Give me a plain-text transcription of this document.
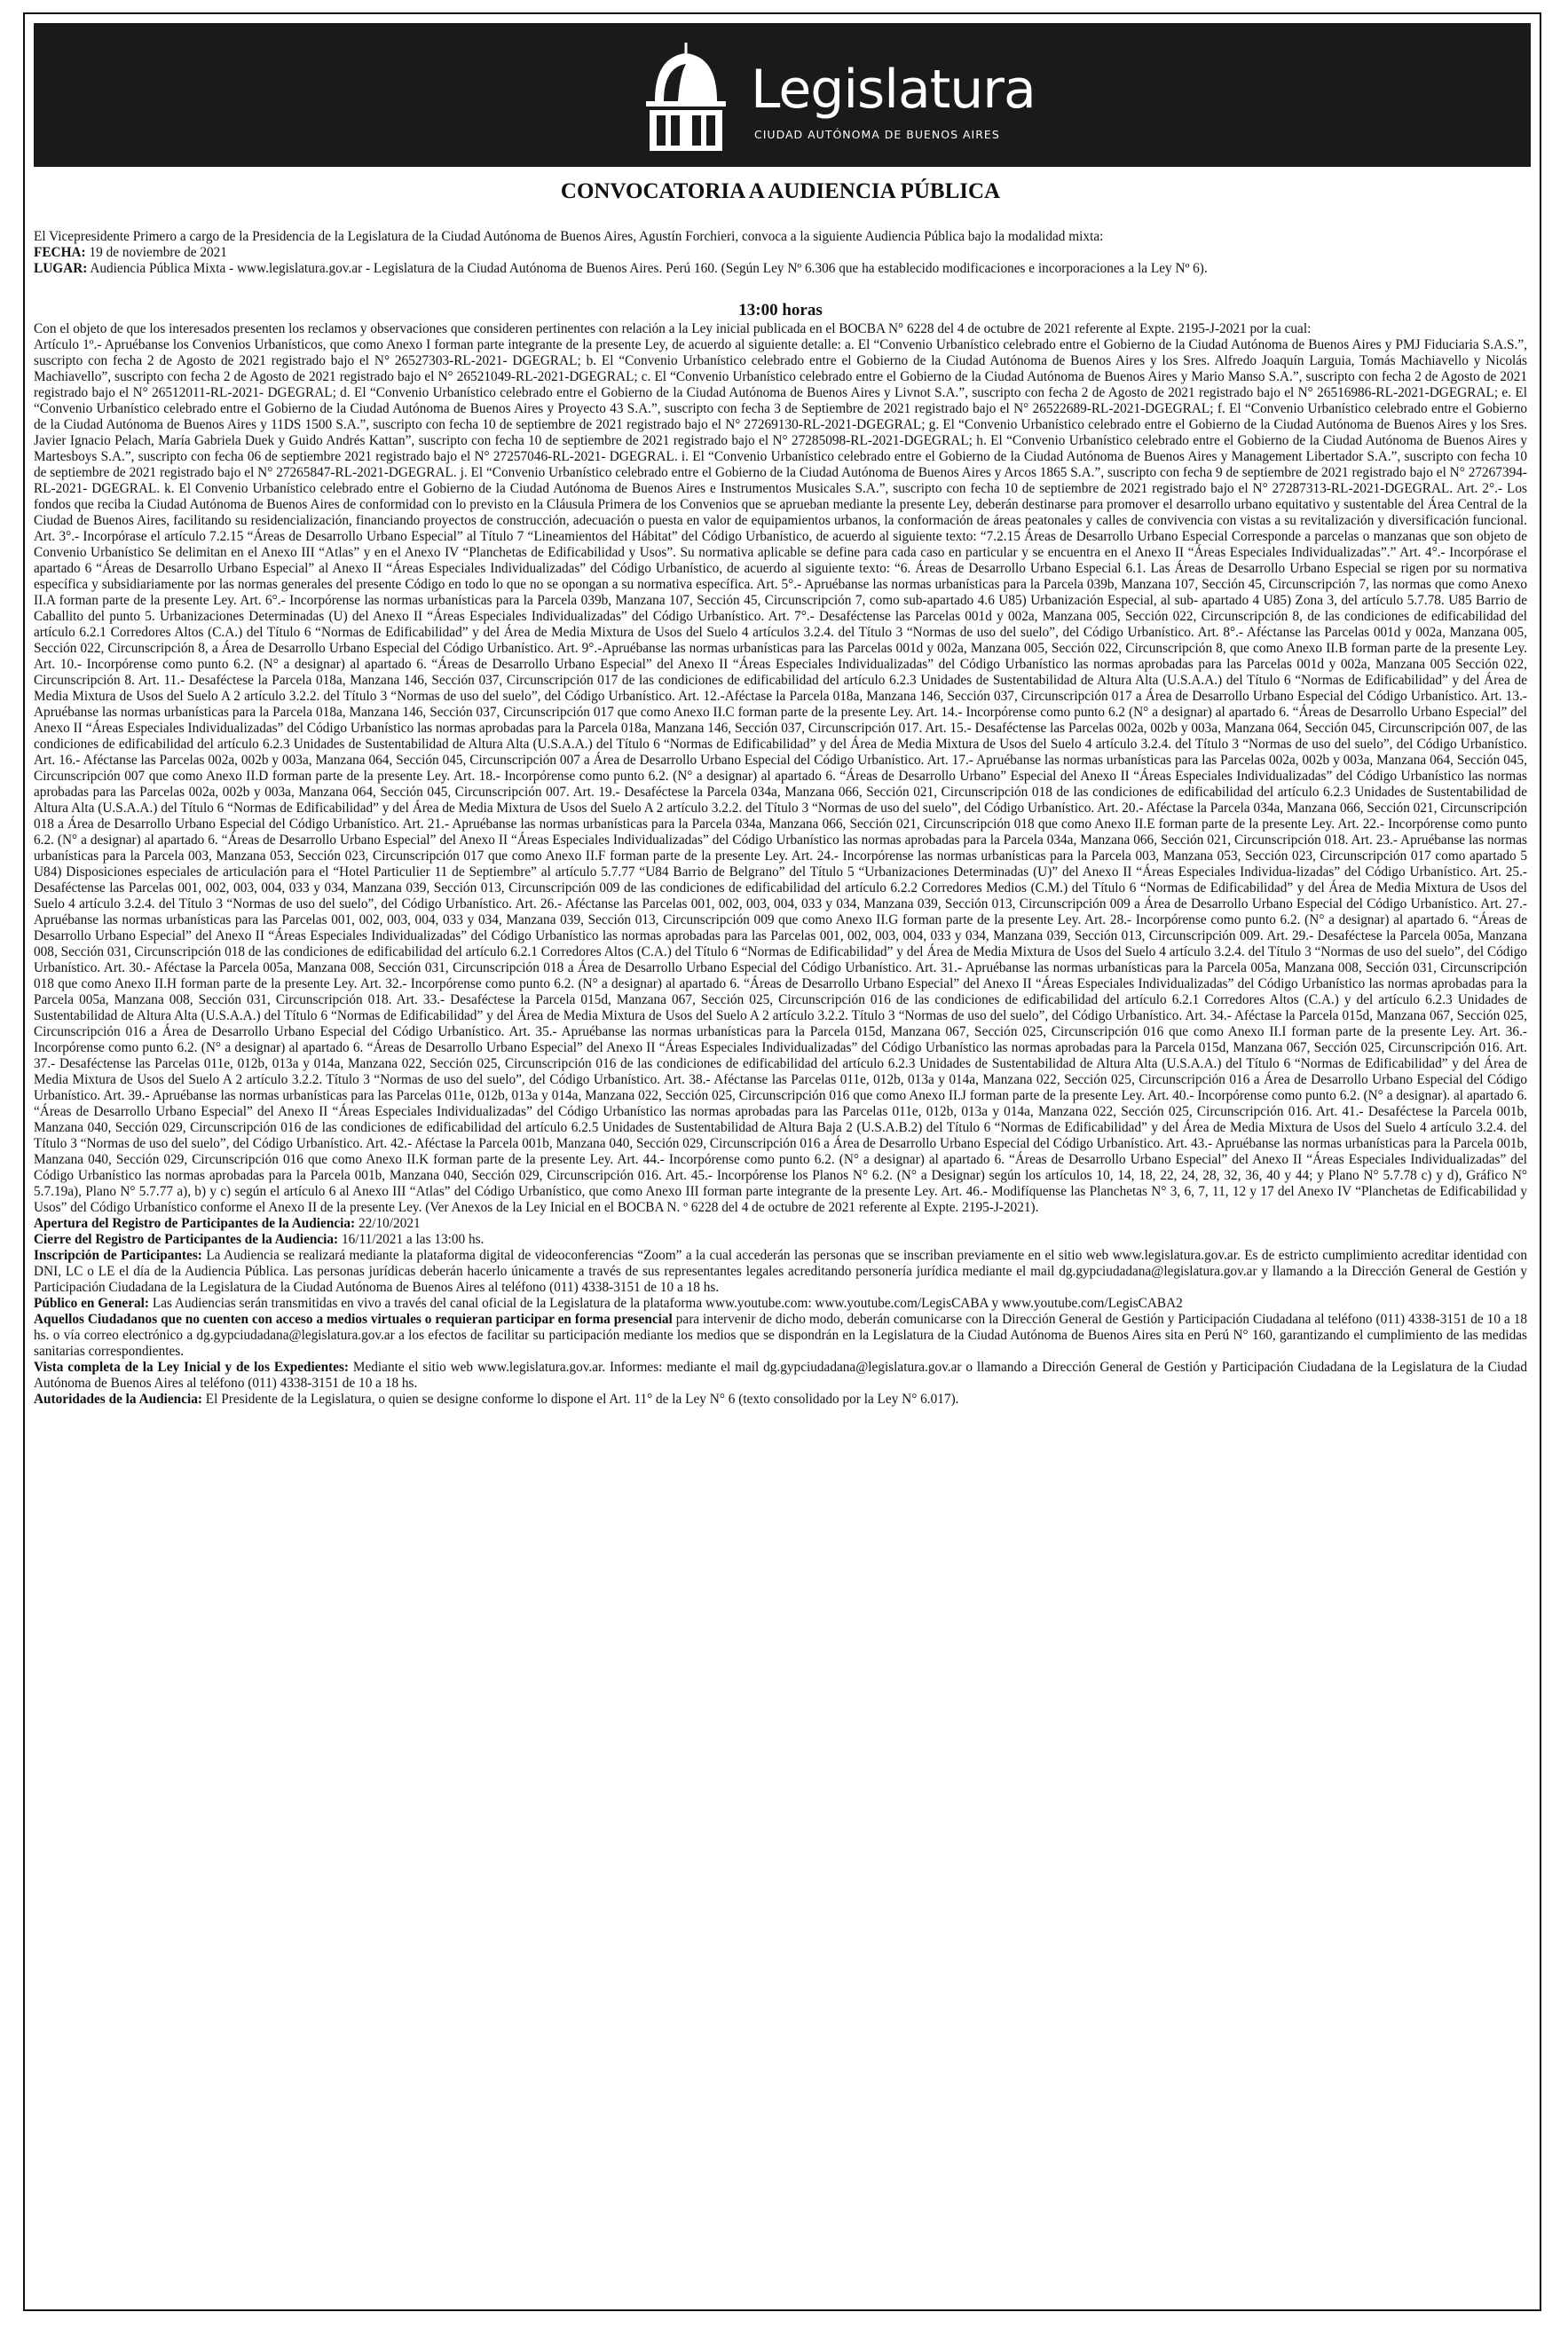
Legislatura
CIUDAD AUTÓNOMA DE BUENOS AIRES
CONVOCATORIA A AUDIENCIA PÚBLICA

El Vicepresidente Primero a cargo de la Presidencia de la Legislatura de la Ciudad Autónoma de Buenos Aires, Agustín Forchieri, convoca a la siguiente Audiencia Pública bajo la modalidad mixta:

FECHA: 19 de noviembre de 2021

LUGAR: Audiencia Pública Mixta - www.legislatura.gov.ar - Legislatura de la Ciudad Autónoma de Buenos Aires. Perú 160. (Según Ley Nº 6.306 que ha establecido modificaciones e incorporaciones a la Ley Nº 6).

13:00 horas

Con el objeto de que los interesados presenten los reclamos y observaciones que consideren pertinentes con relación a la Ley inicial publicada en el BOCBA N° 6228 del 4 de octubre de 2021 referente al Expte. 2195-J-2021 por la cual:

Artículo 1º.- Apruébanse los Convenios Urbanísticos, que como Anexo I forman parte integrante de la presente Ley, de acuerdo al siguiente detalle: a. El “Convenio Urbanístico celebrado entre el Gobierno de la Ciudad Autónoma de Buenos Aires y PMJ Fiduciaria S.A.S.”, suscripto con fecha 2 de Agosto de 2021 registrado bajo el N° 26527303-RL-2021- DGEGRAL; b. El “Convenio Urbanístico celebrado entre el Gobierno de la Ciudad Autónoma de Buenos Aires y los Sres. Alfredo Joaquín Larguia, Tomás Machiavello y Nicolás Machiavello”, suscripto con fecha 2 de Agosto de 2021 registrado bajo el N° 26521049-RL-2021-DGEGRAL; c. El “Convenio Urbanístico celebrado entre el Gobierno de la Ciudad Autónoma de Buenos Aires y Mario Manso S.A.”, suscripto con fecha 2 de Agosto de 2021 registrado bajo el N° 26512011-RL-2021- DGEGRAL; d. El “Convenio Urbanístico celebrado entre el Gobierno de la Ciudad Autónoma de Buenos Aires y Livnot S.A.”, suscripto con fecha 2 de Agosto de 2021 registrado bajo el N° 26516986-RL-2021-DGEGRAL; e. El “Convenio Urbanístico celebrado entre el Gobierno de la Ciudad Autónoma de Buenos Aires y Proyecto 43 S.A.”, suscripto con fecha 3 de Septiembre de 2021 registrado bajo el N° 26522689-RL-2021-DGEGRAL; f. El “Convenio Urbanístico celebrado entre el Gobierno de la Ciudad Autónoma de Buenos Aires y 11DS 1500 S.A.”, suscripto con fecha 10 de septiembre de 2021 registrado bajo el N° 27269130-RL-2021-DGEGRAL; g. El “Convenio Urbanístico celebrado entre el Gobierno de la Ciudad Autónoma de Buenos Aires y los Sres. Javier Ignacio Pelach, María Gabriela Duek y Guido Andrés Kattan”, suscripto con fecha 10 de septiembre de 2021 registrado bajo el N° 27285098-RL-2021-DGEGRAL; h. El “Convenio Urbanístico celebrado entre el Gobierno de la Ciudad Autónoma de Buenos Aires y Martesboys S.A.”, suscripto con fecha 06 de septiembre 2021 registrado bajo el N° 27257046-RL-2021- DGEGRAL. i. El “Convenio Urbanístico celebrado entre el Gobierno de la Ciudad Autónoma de Buenos Aires y Management Libertador S.A.”, suscripto con fecha 10 de septiembre de 2021 registrado bajo el N° 27265847-RL-2021-DGEGRAL. j. El “Convenio Urbanístico celebrado entre el Gobierno de la Ciudad Autónoma de Buenos Aires y Arcos 1865 S.A.”, suscripto con fecha 9 de septiembre de 2021 registrado bajo el N° 27267394-RL-2021- DGEGRAL. k. El Convenio Urbanístico celebrado entre el Gobierno de la Ciudad Autónoma de Buenos Aires e Instrumentos Musicales S.A.”, suscripto con fecha 10 de septiembre de 2021 registrado bajo el N° 27287313-RL-2021-DGEGRAL. Art. 2°.- Los fondos que reciba la Ciudad Autónoma de Buenos Aires de conformidad con lo previsto en la Cláusula Primera de los Convenios que se aprueban mediante la presente Ley, deberán destinarse para promover el desarrollo urbano equitativo y sustentable del Área Central de la Ciudad de Buenos Aires, facilitando su residencialización, financiando proyectos de construcción, adecuación o puesta en valor de equipamientos urbanos, la conformación de áreas peatonales y calles de convivencia con vistas a su revitalización y diversificación funcional. Art. 3°.- Incorpórase el artículo 7.2.15 “Áreas de Desarrollo Urbano Especial” al Título 7 “Lineamientos del Hábitat” del Código Urbanístico, de acuerdo al siguiente texto: “7.2.15 Áreas de Desarrollo Urbano Especial Corresponde a parcelas o manzanas que son objeto de Convenio Urbanístico Se delimitan en el Anexo III “Atlas” y en el Anexo IV “Planchetas de Edificabilidad y Usos”. Su normativa aplicable se define para cada caso en particular y se encuentra en el Anexo II “Áreas Especiales Individualizadas”.” Art. 4°.- Incorpórase el apartado 6 “Áreas de Desarrollo Urbano Especial” al Anexo II “Áreas Especiales Individualizadas” del Código Urbanístico, de acuerdo al siguiente texto: “6. Áreas de Desarrollo Urbano Especial 6.1. Las Áreas de Desarrollo Urbano Especial se rigen por su normativa específica y subsidiariamente por las normas generales del presente Código en todo lo que no se opongan a su normativa específica. Art. 5°.- Apruébanse las normas urbanísticas para la Parcela 039b, Manzana 107, Sección 45, Circunscripción 7, las normas que como Anexo II.A forman parte de la presente Ley. Art. 6°.- Incorpórense las normas urbanísticas para la Parcela 039b, Manzana 107, Sección 45, Circunscripción 7, como sub-apartado 4.6 U85) Urbanización Especial, al sub- apartado 4 U85) Zona 3, del artículo 5.7.78. U85 Barrio de Caballito del punto 5. Urbanizaciones Determinadas (U) del Anexo II “Áreas Especiales Individualizadas” del Código Urbanístico. Art. 7°.- Desaféctense las Parcelas 001d y 002a, Manzana 005, Sección 022, Circunscripción 8, de las condiciones de edificabilidad del artículo 6.2.1 Corredores Altos (C.A.) del Título 6 “Normas de Edificabilidad” y del Área de Media Mixtura de Usos del Suelo 4 artículos 3.2.4. del Título 3 “Normas de uso del suelo”, del Código Urbanístico. Art. 8°.- Aféctanse las Parcelas 001d y 002a, Manzana 005, Sección 022, Circunscripción 8, a Área de Desarrollo Urbano Especial del Código Urbanístico. Art. 9°.-Apruébanse las normas urbanísticas para las Parcelas 001d y 002a, Manzana 005, Sección 022, Circunscripción 8, que como Anexo II.B forman parte de la presente Ley. Art. 10.- Incorpórense como punto 6.2. (N° a designar) al apartado 6. “Áreas de Desarrollo Urbano Especial” del Anexo II “Áreas Especiales Individualizadas” del Código Urbanístico las normas aprobadas para las Parcelas 001d y 002a, Manzana 005 Sección 022, Circunscripción 8. Art. 11.- Desaféctese la Parcela 018a, Manzana 146, Sección 037, Circunscripción 017 de las condiciones de edificabilidad del artículo 6.2.3 Unidades de Sustentabilidad de Altura Alta (U.S.A.A.) del Título 6 “Normas de Edificabilidad” y del Área de Media Mixtura de Usos del Suelo A 2 artículo 3.2.2. del Título 3 “Normas de uso del suelo”, del Código Urbanístico. Art. 12.-Aféctase la Parcela 018a, Manzana 146, Sección 037, Circunscripción 017 a Área de Desarrollo Urbano Especial del Código Urbanístico. Art. 13.-Apruébanse las normas urbanísticas para la Parcela 018a, Manzana 146, Sección 037, Circunscripción 017 que como Anexo II.C forman parte de la presente Ley. Art. 14.- Incorpórense como punto 6.2 (N° a designar) al apartado 6. “Áreas de Desarrollo Urbano Especial” del Anexo II “Áreas Especiales Individualizadas” del Código Urbanístico las normas aprobadas para la Parcela 018a, Manzana 146, Sección 037, Circunscripción 017. Art. 15.- Desaféctense las Parcelas 002a, 002b y 003a, Manzana 064, Sección 045, Circunscripción 007, de las condiciones de edificabilidad del artículo 6.2.3 Unidades de Sustentabilidad de Altura Alta (U.S.A.A.) del Título 6 “Normas de Edificabilidad” y del Área de Media Mixtura de Usos del Suelo 4 artículo 3.2.4. del Título 3 “Normas de uso del suelo”, del Código Urbanístico. Art. 16.- Aféctanse las Parcelas 002a, 002b y 003a, Manzana 064, Sección 045, Circunscripción 007 a Área de Desarrollo Urbano Especial del Código Urbanístico. Art. 17.- Apruébanse las normas urbanísticas para las Parcelas 002a, 002b y 003a, Manzana 064, Sección 045, Circunscripción 007 que como Anexo II.D forman parte de la presente Ley. Art. 18.- Incorpórense como punto 6.2. (N° a designar) al apartado 6. “Áreas de Desarrollo Urbano” Especial del Anexo II “Áreas Especiales Individualizadas” del Código Urbanístico las normas aprobadas para las Parcelas 002a, 002b y 003a, Manzana 064, Sección 045, Circunscripción 007. Art. 19.- Desaféctese la Parcela 034a, Manzana 066, Sección 021, Circunscripción 018 de las condiciones de edificabilidad del artículo 6.2.3 Unidades de Sustentabilidad de Altura Alta (U.S.A.A.) del Título 6 “Normas de Edificabilidad” y del Área de Media Mixtura de Usos del Suelo A 2 artículo 3.2.2. del Título 3 “Normas de uso del suelo”, del Código Urbanístico. Art. 20.- Aféctase la Parcela 034a, Manzana 066, Sección 021, Circunscripción 018 a Área de Desarrollo Urbano Especial del Código Urbanístico. Art. 21.- Apruébanse las normas urbanísticas para la Parcela 034a, Manzana 066, Sección 021, Circunscripción 018 que como Anexo II.E forman parte de la presente Ley. Art. 22.- Incorpórense como punto 6.2. (N° a designar) al apartado 6. “Áreas de Desarrollo Urbano Especial” del Anexo II “Áreas Especiales Individualizadas” del Código Urbanístico las normas aprobadas para la Parcela 034a, Manzana 066, Sección 021, Circunscripción 018. Art. 23.- Apruébanse las normas urbanísticas para la Parcela 003, Manzana 053, Sección 023, Circunscripción 017 que como Anexo II.F forman parte de la presente Ley. Art. 24.- Incorpórense las normas urbanísticas para la Parcela 003, Manzana 053, Sección 023, Circunscripción 017 como apartado 5 U84) Disposiciones especiales de articulación para el “Hotel Particulier 11 de Septiembre” al artículo 5.7.77 “U84 Barrio de Belgrano” del Título 5 “Urbanizaciones Determinadas (U)” del Anexo II “Áreas Especiales Individua-lizadas” del Código Urbanístico. Art. 25.- Desaféctense las Parcelas 001, 002, 003, 004, 033 y 034, Manzana 039, Sección 013, Circunscripción 009 de las condiciones de edificabilidad del artículo 6.2.2 Corredores Medios (C.M.) del Título 6 “Normas de Edificabilidad” y del Área de Media Mixtura de Usos del Suelo 4 artículo 3.2.4. del Título 3 “Normas de uso del suelo”, del Código Urbanístico. Art. 26.- Aféctanse las Parcelas 001, 002, 003, 004, 033 y 034, Manzana 039, Sección 013, Circunscripción 009 a Área de Desarrollo Urbano Especial del Código Urbanístico. Art. 27.- Apruébanse las normas urbanísticas para las Parcelas 001, 002, 003, 004, 033 y 034, Manzana 039, Sección 013, Circunscripción 009 que como Anexo II.G forman parte de la presente Ley. Art. 28.- Incorpórense como punto 6.2. (N° a designar) al apartado 6. “Áreas de Desarrollo Urbano Especial” del Anexo II “Áreas Especiales Individualizadas” del Código Urbanístico las normas aprobadas para las Parcelas 001, 002, 003, 004, 033 y 034, Manzana 039, Sección 013, Circunscripción 009. Art. 29.- Desaféctese la Parcela 005a, Manzana 008, Sección 031, Circunscripción 018 de las condiciones de edificabilidad del artículo 6.2.1 Corredores Altos (C.A.) del Título 6 “Normas de Edificabilidad” y del Área de Media Mixtura de Usos del Suelo 4 artículo 3.2.4. del Título 3 “Normas de uso del suelo”, del Código Urbanístico. Art. 30.- Aféctase la Parcela 005a, Manzana 008, Sección 031, Circunscripción 018 a Área de Desarrollo Urbano Especial del Código Urbanístico. Art. 31.- Apruébanse las normas urbanísticas para la Parcela 005a, Manzana 008, Sección 031, Circunscripción 018 que como Anexo II.H forman parte de la presente Ley. Art. 32.- Incorpórense como punto 6.2. (N° a designar) al apartado 6. “Áreas de Desarrollo Urbano Especial” del Anexo II “Áreas Especiales Individualizadas” del Código Urbanístico las normas aprobadas para la Parcela 005a, Manzana 008, Sección 031, Circunscripción 018. Art. 33.- Desaféctese la Parcela 015d, Manzana 067, Sección 025, Circunscripción 016 de las condiciones de edificabilidad del artículo 6.2.1 Corredores Altos (C.A.) y del artículo 6.2.3 Unidades de Sustentabilidad de Altura Alta (U.S.A.A.) del Título 6 “Normas de Edificabilidad” y del Área de Media Mixtura de Usos del Suelo A 2 artículo 3.2.2. Título 3 “Normas de uso del suelo”, del Código Urbanístico. Art. 34.- Aféctase la Parcela 015d, Manzana 067, Sección 025, Circunscripción 016 a Área de Desarrollo Urbano Especial del Código Urbanístico. Art. 35.- Apruébanse las normas urbanísticas para la Parcela 015d, Manzana 067, Sección 025, Circunscripción 016 que como Anexo II.I forman parte de la presente Ley. Art. 36.- Incorpórense como punto 6.2. (N° a designar) al apartado 6. “Áreas de Desarrollo Urbano Especial” del Anexo II “Áreas Especiales Individualizadas” del Código Urbanístico las normas aprobadas para la Parcela 015d, Manzana 067, Sección 025, Circunscripción 016. Art. 37.- Desaféctense las Parcelas 011e, 012b, 013a y 014a, Manzana 022, Sección 025, Circunscripción 016 de las condiciones de edificabilidad del artículo 6.2.3 Unidades de Sustentabilidad de Altura Alta (U.S.A.A.) del Título 6 “Normas de Edificabilidad” y del Área de Media Mixtura de Usos del Suelo A 2 artículo 3.2.2. Título 3 “Normas de uso del suelo”, del Código Urbanístico. Art. 38.- Aféctanse las Parcelas 011e, 012b, 013a y 014a, Manzana 022, Sección 025, Circunscripción 016 a Área de Desarrollo Urbano Especial del Código Urbanístico. Art. 39.- Apruébanse las normas urbanísticas para las Parcelas 011e, 012b, 013a y 014a, Manzana 022, Sección 025, Circunscripción 016 que como Anexo II.J forman parte de la presente Ley. Art. 40.- Incorpórense como punto 6.2. (N° a designar). al apartado 6. “Áreas de Desarrollo Urbano Especial” del Anexo II “Áreas Especiales Individualizadas” del Código Urbanístico las normas aprobadas para las Parcelas 011e, 012b, 013a y 014a, Manzana 022, Sección 025, Circunscripción 016. Art. 41.- Desaféctese la Parcela 001b, Manzana 040, Sección 029, Circunscripción 016 de las condiciones de edificabilidad del artículo 6.2.5 Unidades de Sustentabilidad de Altura Baja 2 (U.S.A.B.2) del Título 6 “Normas de Edificabilidad” y del Área de Media Mixtura de Usos del Suelo 4 artículo 3.2.4. del Título 3 “Normas de uso del suelo”, del Código Urbanístico. Art. 42.- Aféctase la Parcela 001b, Manzana 040, Sección 029, Circunscripción 016 a Área de Desarrollo Urbano Especial del Código Urbanístico. Art. 43.- Apruébanse las normas urbanísticas para la Parcela 001b, Manzana 040, Sección 029, Circunscripción 016 que como Anexo II.K forman parte de la presente Ley. Art. 44.- Incorpórense como punto 6.2. (N° a designar) al apartado 6. “Áreas de Desarrollo Urbano Especial” del Anexo II “Áreas Especiales Individualizadas” del Código Urbanístico las normas aprobadas para la Parcela 001b, Manzana 040, Sección 029, Circunscripción 016. Art. 45.- Incorpórense los Planos N° 6.2. (N° a Designar) según los artículos 10, 14, 18, 22, 24, 28, 32, 36, 40 y 44; y Plano N° 5.7.78 c) y d), Gráfico N° 5.7.19a), Plano N° 5.7.77 a), b) y c) según el artículo 6 al Anexo III “Atlas” del Código Urbanístico, que como Anexo III forman parte integrante de la presente Ley. Art. 46.- Modifíquense las Planchetas N° 3, 6, 7, 11, 12 y 17 del Anexo IV “Planchetas de Edificabilidad y Usos” del Código Urbanístico conforme el Anexo II de la presente Ley. (Ver Anexos de la Ley Inicial en el BOCBA N. º 6228 del 4 de octubre de 2021 referente al Expte. 2195-J-2021).

Apertura del Registro de Participantes de la Audiencia: 22/10/2021

Cierre del Registro de Participantes de la Audiencia: 16/11/2021 a las 13:00 hs.

Inscripción de Participantes: La Audiencia se realizará mediante la plataforma digital de videoconferencias “Zoom” a la cual accederán las personas que se inscriban previamente en el sitio web www.legislatura.gov.ar. Es de estricto cumplimiento acreditar identidad con DNI, LC o LE el día de la Audiencia Pública. Las personas jurídicas deberán hacerlo únicamente a través de sus representantes legales acreditando personería jurídica mediante el mail dg.gypciudadana@legislatura.gov.ar y llamando a la Dirección General de Gestión y Participación Ciudadana de la Legislatura de la Ciudad Autónoma de Buenos Aires al teléfono (011) 4338-3151 de 10 a 18 hs.

Público en General: Las Audiencias serán transmitidas en vivo a través del canal oficial de la Legislatura de la plataforma www.youtube.com: www.youtube.com/LegisCABA y www.youtube.com/LegisCABA2

Aquellos Ciudadanos que no cuenten con acceso a medios virtuales o requieran participar en forma presencial para intervenir de dicho modo, deberán comunicarse con la Dirección General de Gestión y Participación Ciudadana al teléfono (011) 4338-3151 de 10 a 18 hs. o vía correo electrónico a dg.gypciudadana@legislatura.gov.ar a los efectos de facilitar su participación mediante los medios que se dispondrán en la Legislatura de la Ciudad Autónoma de Buenos Aires sita en Perú N° 160, garantizando el cumplimiento de las medidas sanitarias correspondientes.

Vista completa de la Ley Inicial y de los Expedientes: Mediante el sitio web www.legislatura.gov.ar. Informes: mediante el mail dg.gypciudadana@legislatura.gov.ar o llamando a Dirección General de Gestión y Participación Ciudadana de la Legislatura de la Ciudad Autónoma de Buenos Aires al teléfono (011) 4338-3151 de 10 a 18 hs.

Autoridades de la Audiencia: El Presidente de la Legislatura, o quien se designe conforme lo dispone el Art. 11° de la Ley N° 6 (texto consolidado por la Ley N° 6.017).
